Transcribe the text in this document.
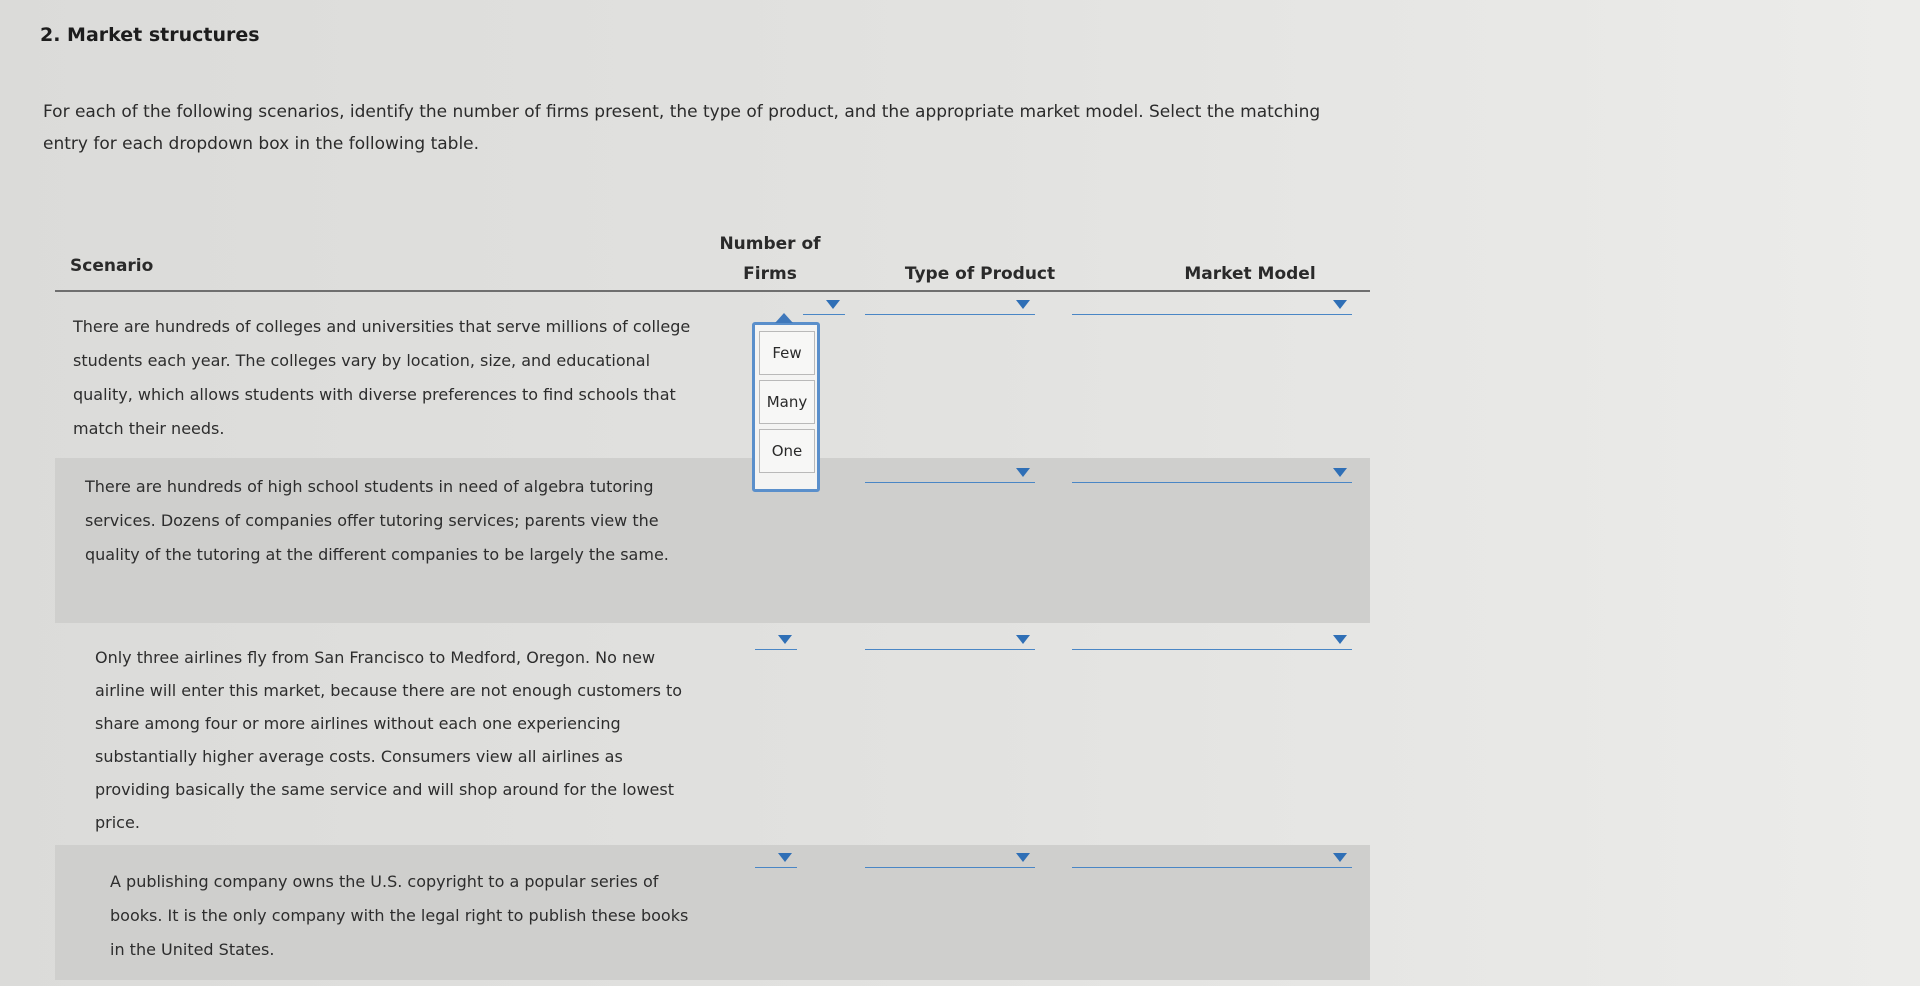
2. Market structures
For each of the following scenarios, identify the number of firms present, the type of product, and the appropriate market model. Select the matching entry for each dropdown box in the following table.
Scenario
Number of
Firms	Type of Product	Market Model
There are hundreds of colleges and universities that serve millions of college students each year. The colleges vary by location, size, and educational quality, which allows students with diverse preferences to find schools that match their needs.
There are hundreds of high school students in need of algebra tutoring services. Dozens of companies offer tutoring services; parents view the quality of the tutoring at the different companies to be largely the same.
Only three airlines fly from San Francisco to Medford, Oregon. No new airline will enter this market, because there are not enough customers to share among four or more airlines without each one experiencing substantially higher average costs. Consumers view all airlines as providing basically the same service and will shop around for the lowest price.
A publishing company owns the U.S. copyright to a popular series of books. It is the only company with the legal right to publish these books in the United States.
Few
Many
One
